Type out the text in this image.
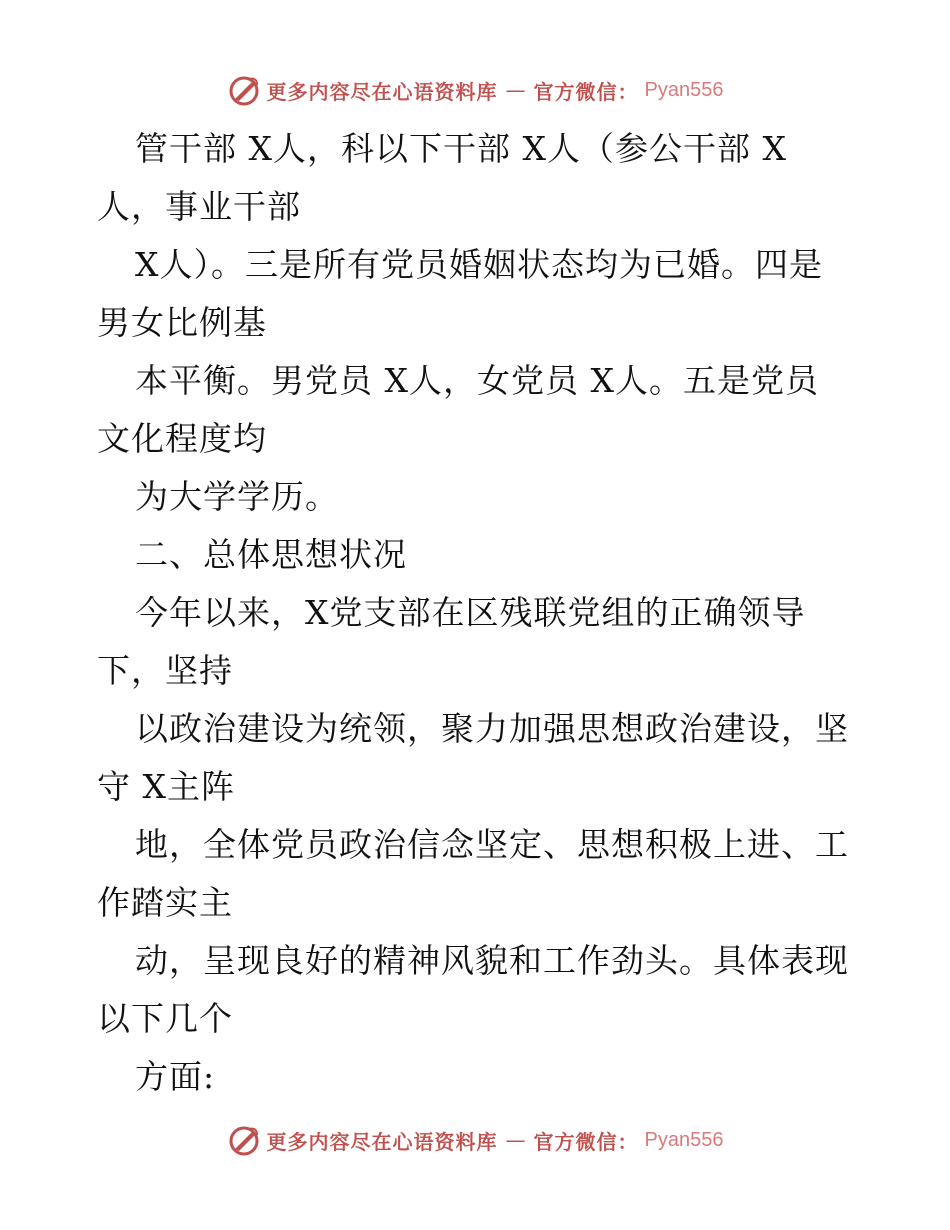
更多内容尽在心语资料库 — 官方微信： Pyan556
管干部 X人，科以下干部 X人（参公干部 X
人，事业干部
X人）。三是所有党员婚姻状态均为已婚。四是
男女比例基
本平衡。男党员 X人，女党员 X人。五是党员
文化程度均
为大学学历。
二、总体思想状况
今年以来，X党支部在区残联党组的正确领导
下，坚持
以政治建设为统领，聚力加强思想政治建设，坚
守 X主阵
地，全体党员政治信念坚定、思想积极上进、工
作踏实主
动，呈现良好的精神风貌和工作劲头。具体表现
以下几个
方面:
更多内容尽在心语资料库 — 官方微信： Pyan556
